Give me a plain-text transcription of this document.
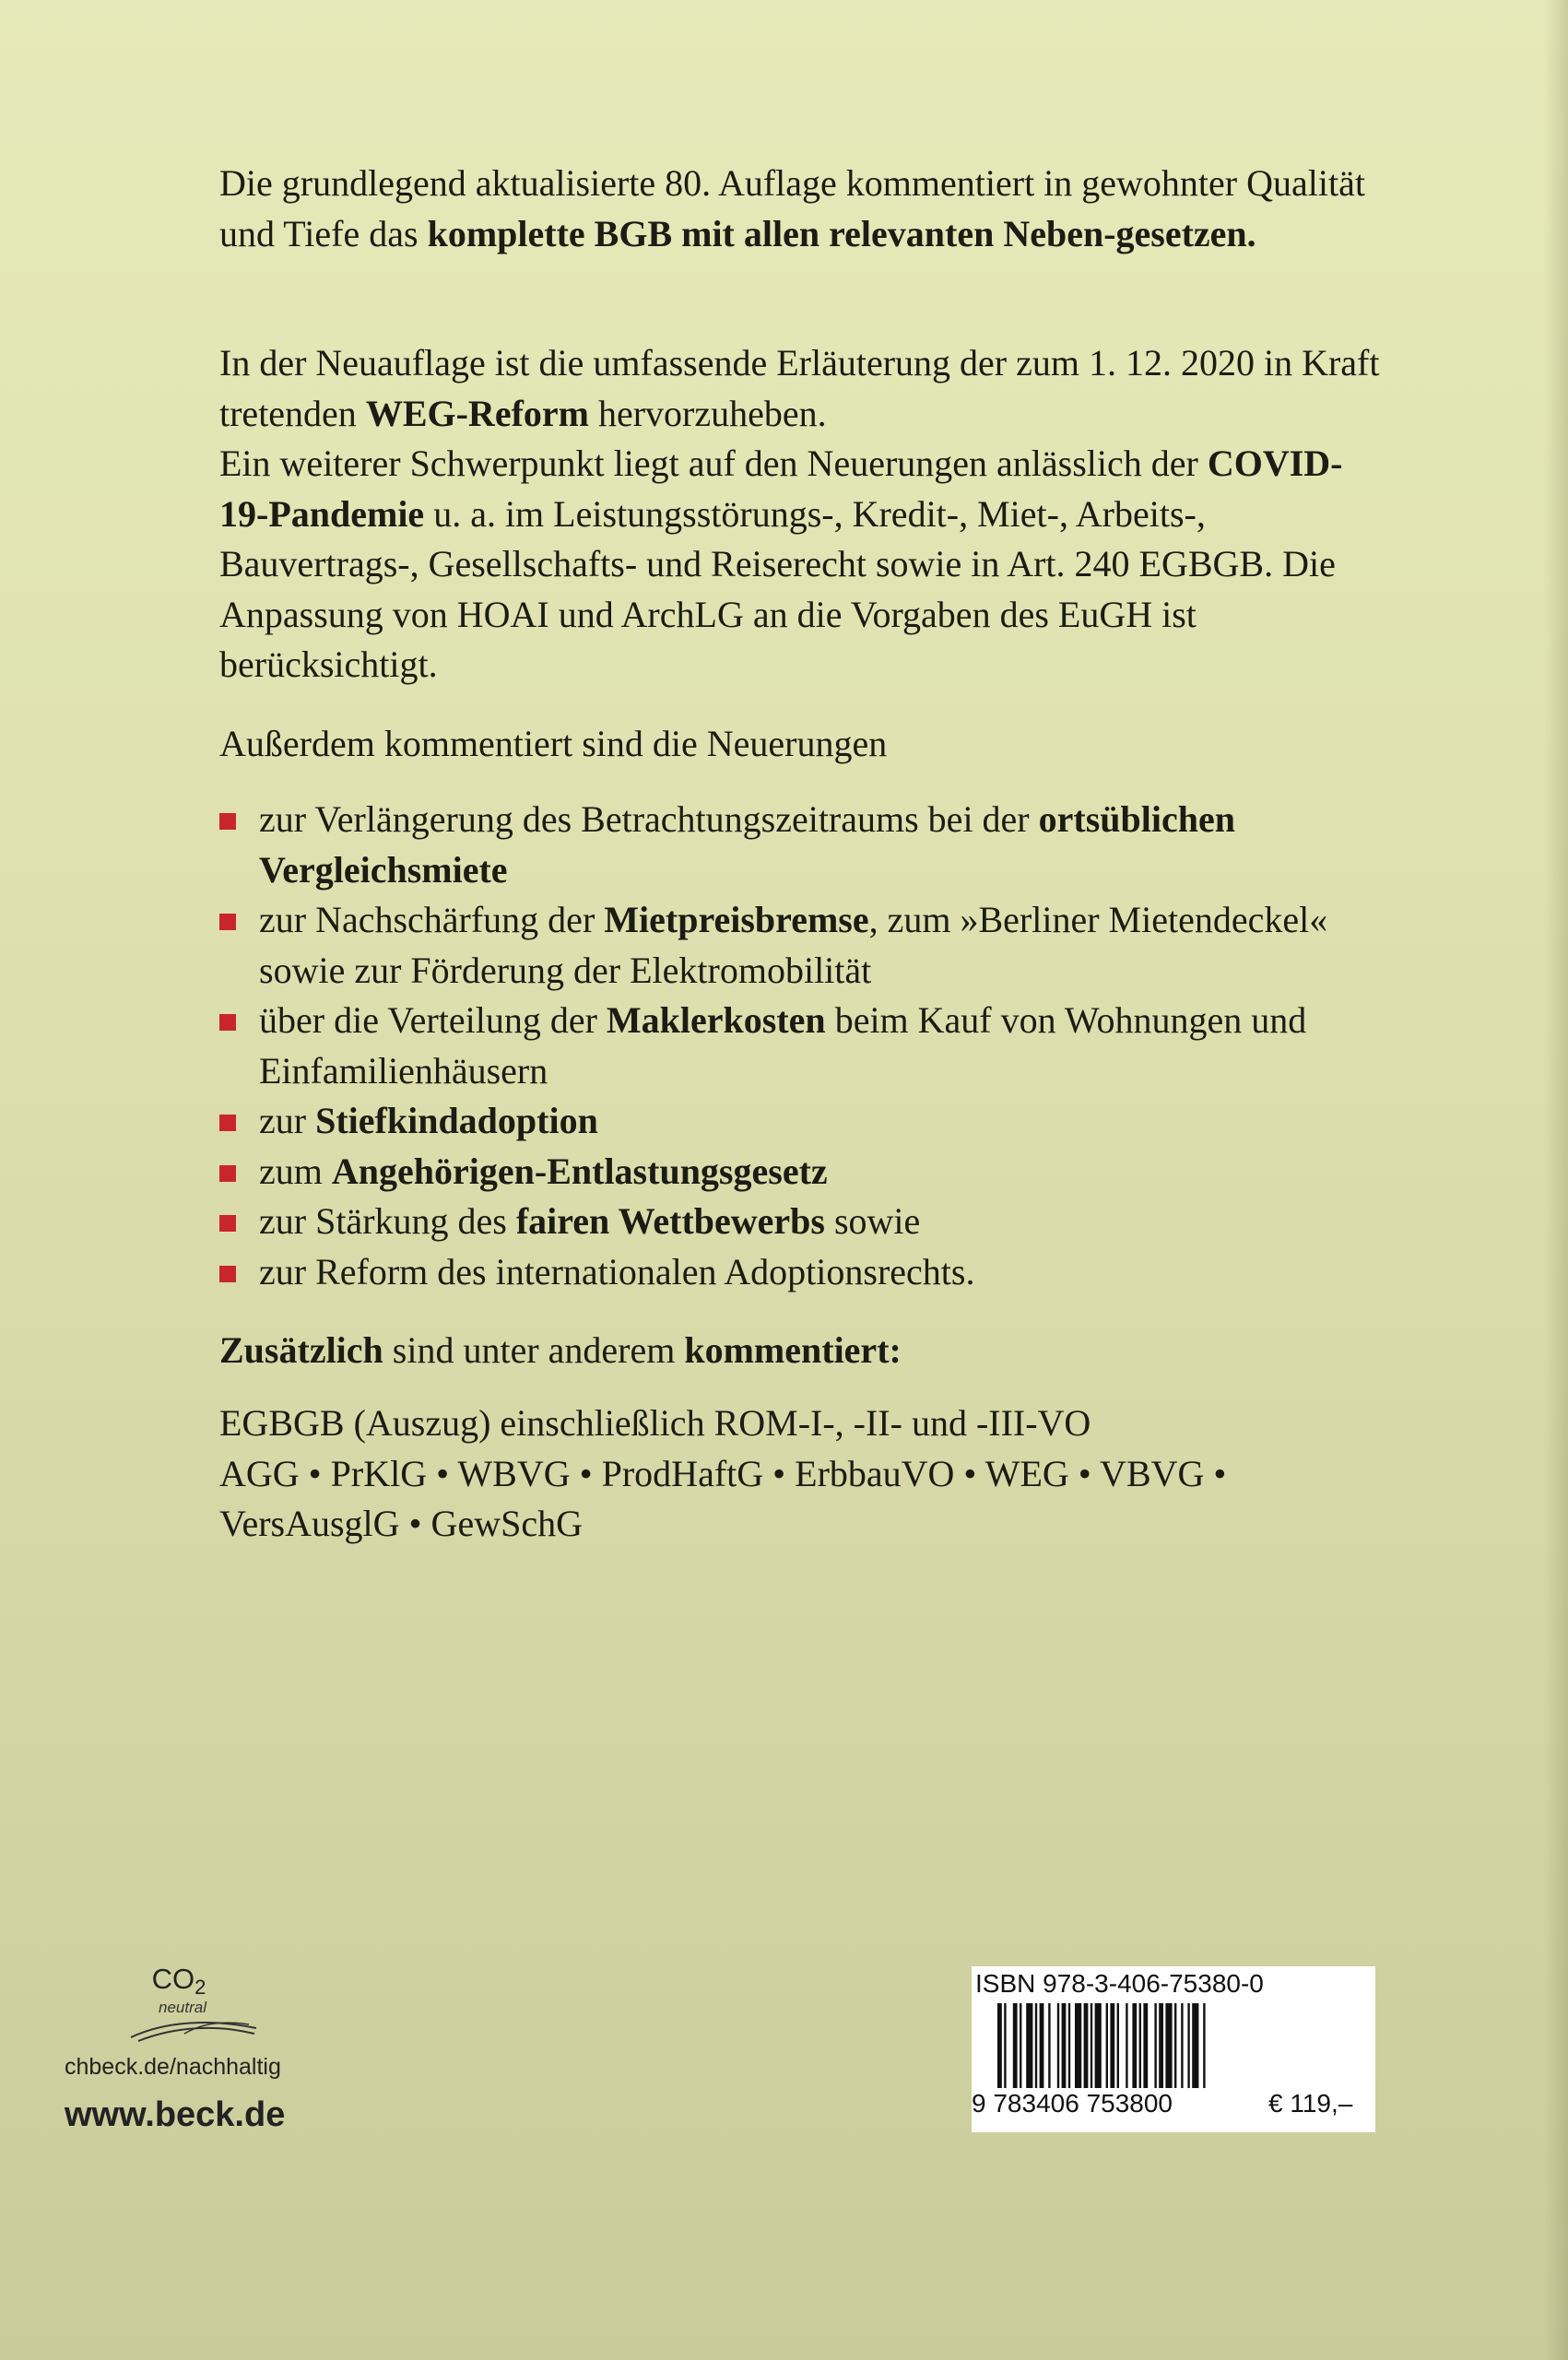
Die grundlegend aktualisierte 80. Auflage kommentiert in gewohnter Qualität und Tiefe das komplette BGB mit allen relevanten Neben-gesetzen.

In der Neuauflage ist die umfassende Erläuterung der zum 1. 12. 2020 in Kraft tretenden WEG-Reform hervorzuheben.
Ein weiterer Schwerpunkt liegt auf den Neuerungen anlässlich der COVID-19-Pandemie u. a. im Leistungsstörungs-, Kredit-, Miet-, Arbeits-, Bauvertrags-, Gesellschafts- und Reiserecht sowie in Art. 240 EGBGB. Die Anpassung von HOAI und ArchLG an die Vorgaben des EuGH ist berücksichtigt.

Außerdem kommentiert sind die Neuerungen

zur Verlängerung des Betrachtungszeitraums bei der ortsüblichen Vergleichsmiete
zur Nachschärfung der Mietpreisbremse, zum »Berliner Mietendeckel« sowie zur Förderung der Elektromobilität
über die Verteilung der Maklerkosten beim Kauf von Wohnungen und Einfamilienhäusern
zur Stiefkindadoption
zum Angehörigen-Entlastungsgesetz
zur Stärkung des fairen Wettbewerbs sowie
zur Reform des internationalen Adoptionsrechts.

Zusätzlich sind unter anderem kommentiert:

EGBGB (Auszug) einschließlich ROM-I-, -II- und -III-VO
AGG • PrKlG • WBVG • ProdHaftG • ErbbauVO • WEG • VBVG • VersAusglG • GewSchG

$CO_2$
neutral
chbeck.de/nachhaltig
www.beck.de
ISBN 978-3-406-75380-0
9 783406 753800	€ 119,–
